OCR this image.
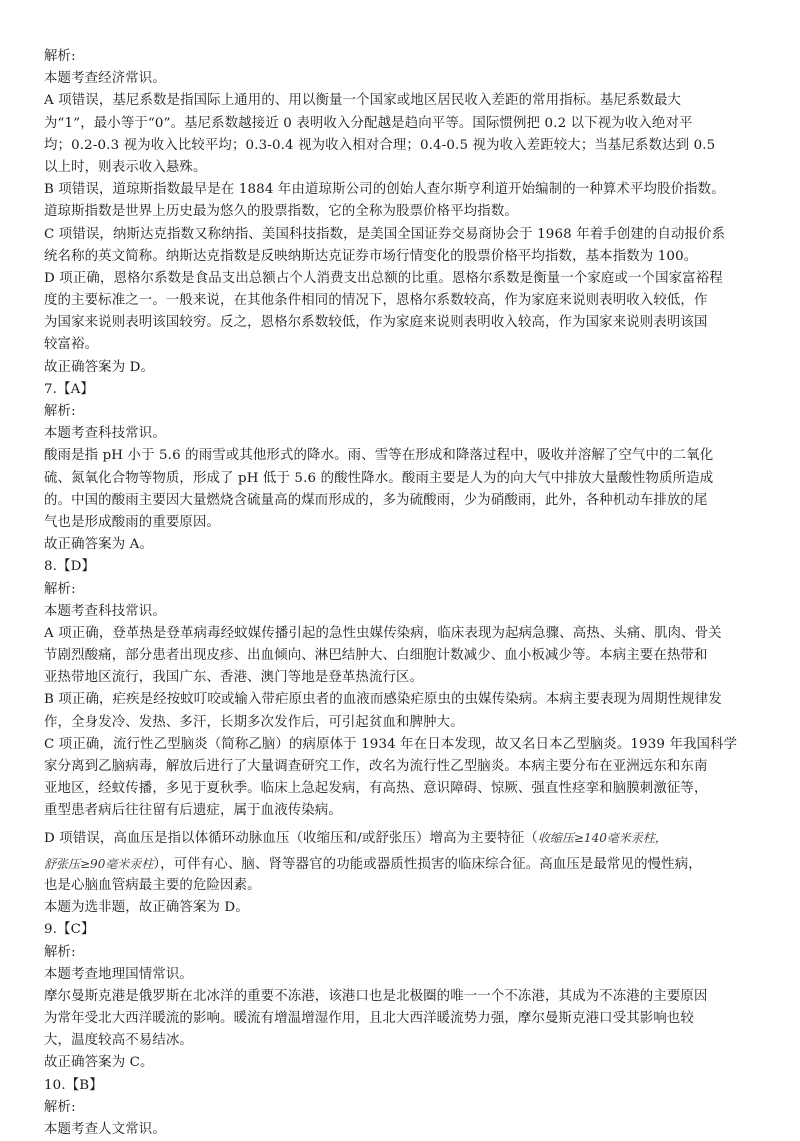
解析:
本题考查经济常识。
A 项错误，基尼系数是指国际上通用的、用以衡量一个国家或地区居民收入差距的常用指标。基尼系数最大
为“1”，最小等于“0”。基尼系数越接近 0 表明收入分配越是趋向平等。国际惯例把 0.2 以下视为收入绝对平
均；0.2-0.3 视为收入比较平均；0.3-0.4 视为收入相对合理；0.4-0.5 视为收入差距较大；当基尼系数达到 0.5
以上时，则表示收入悬殊。
B 项错误，道琼斯指数最早是在 1884 年由道琼斯公司的创始人查尔斯亨利道开始编制的一种算术平均股价指数。
道琼斯指数是世界上历史最为悠久的股票指数，它的全称为股票价格平均指数。
C 项错误，纳斯达克指数又称纳指、美国科技指数，是美国全国证券交易商协会于 1968 年着手创建的自动报价系
统名称的英文简称。纳斯达克指数是反映纳斯达克证券市场行情变化的股票价格平均指数，基本指数为 100。
D 项正确，恩格尔系数是食品支出总额占个人消费支出总额的比重。恩格尔系数是衡量一个家庭或一个国家富裕程
度的主要标准之一。一般来说，在其他条件相同的情况下，恩格尔系数较高，作为家庭来说则表明收入较低，作
为国家来说则表明该国较穷。反之，恩格尔系数较低，作为家庭来说则表明收入较高，作为国家来说则表明该国
较富裕。
故正确答案为 D。
7.【A】
解析:
本题考查科技常识。
酸雨是指 pH 小于 5.6 的雨雪或其他形式的降水。雨、雪等在形成和降落过程中，吸收并溶解了空气中的二氧化
硫、氮氧化合物等物质，形成了 pH 低于 5.6 的酸性降水。酸雨主要是人为的向大气中排放大量酸性物质所造成
的。中国的酸雨主要因大量燃烧含硫量高的煤而形成的，多为硫酸雨，少为硝酸雨，此外，各种机动车排放的尾
气也是形成酸雨的重要原因。
故正确答案为 A。
8.【D】
解析:
本题考查科技常识。
A 项正确，登革热是登革病毒经蚊媒传播引起的急性虫媒传染病，临床表现为起病急骤、高热、头痛、肌肉、骨关
节剧烈酸痛，部分患者出现皮疹、出血倾向、淋巴结肿大、白细胞计数减少、血小板减少等。本病主要在热带和
亚热带地区流行，我国广东、香港、澳门等地是登革热流行区。
B 项正确，疟疾是经按蚊叮咬或输入带疟原虫者的血液而感染疟原虫的虫媒传染病。本病主要表现为周期性规律发
作，全身发冷、发热、多汗，长期多次发作后，可引起贫血和脾肿大。
C 项正确，流行性乙型脑炎（简称乙脑）的病原体于 1934 年在日本发现，故又名日本乙型脑炎。1939 年我国科学
家分离到乙脑病毒，解放后进行了大量调查研究工作，改名为流行性乙型脑炎。本病主要分布在亚洲远东和东南
亚地区，经蚊传播，多见于夏秋季。临床上急起发病，有高热、意识障碍、惊厥、强直性痉挛和脑膜刺激征等，
重型患者病后往往留有后遗症，属于血液传染病。
D 项错误，高血压是指以体循环动脉血压（收缩压和/或舒张压）增高为主要特征（收缩压≥140毫米汞柱，
舒张压≥90毫米汞柱），可伴有心、脑、肾等器官的功能或器质性损害的临床综合征。高血压是最常见的慢性病，
也是心脑血管病最主要的危险因素。
本题为选非题，故正确答案为 D。
9.【C】
解析:
本题考查地理国情常识。
摩尔曼斯克港是俄罗斯在北冰洋的重要不冻港，该港口也是北极圈的唯一一个不冻港，其成为不冻港的主要原因
为常年受北大西洋暖流的影响。暖流有增温增湿作用，且北大西洋暖流势力强，摩尔曼斯克港口受其影响也较
大，温度较高不易结冰。
故正确答案为 C。
10.【B】
解析:
本题考查人文常识。
